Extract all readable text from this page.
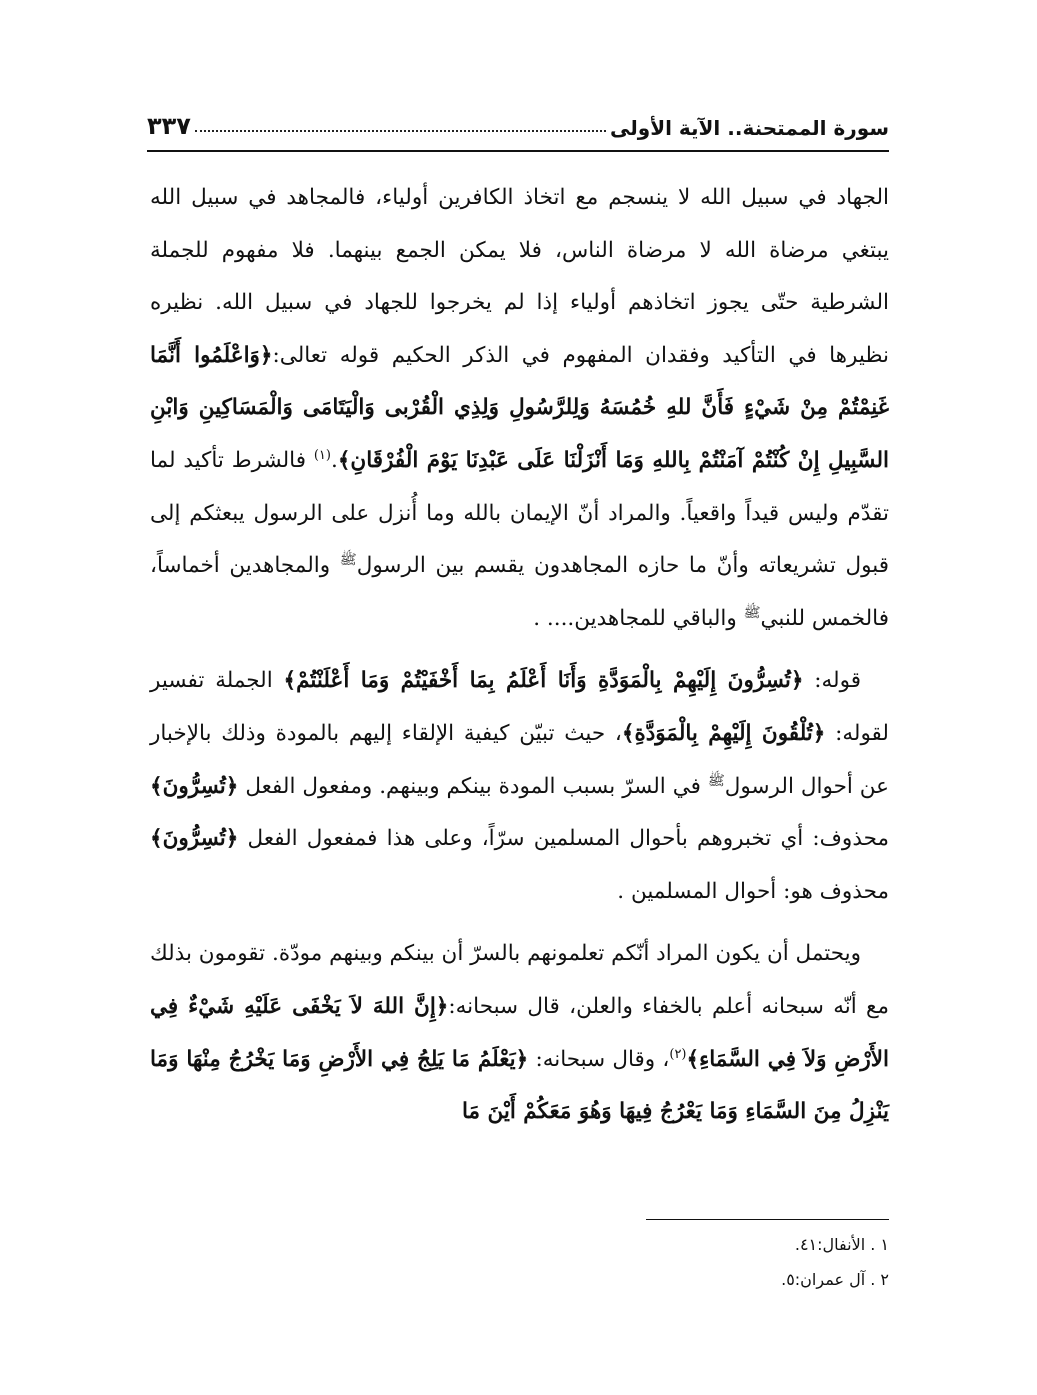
سورة الممتحنة.. الآية الأولى
٣٣٧

الجهاد في سبيل الله لا ينسجم مع اتخاذ الكافرين أولياء، فالمجاهد في سبيل الله يبتغي مرضاة الله لا مرضاة الناس، فلا يمكن الجمع بينهما. فلا مفهوم للجملة الشرطية حتّى يجوز اتخاذهم أولياء إذا لم يخرجوا للجهاد في سبيل الله. نظيره نظيرها في التأكيد وفقدان المفهوم في الذكر الحكيم قوله تعالى:﴿وَاعْلَمُوا أَنَّمَا غَنِمْتُمْ مِنْ شَيْءٍ فَأَنَّ للهِ خُمُسَهُ وَلِلرَّسُولِ وَلِذِي الْقُرْبى وَالْيَتَامَى وَالْمَسَاكِينِ وَابْنِ السَّبِيلِ إِنْ كُنْتُمْ آمَنْتُمْ بِاللهِ وَمَا أَنْزَلْنَا عَلَى عَبْدِنَا يَوْمَ الْفُرْقَانِ﴾.$^{(١)}$ فالشرط تأكيد لما تقدّم وليس قيداً واقعياً. والمراد أنّ الإيمان بالله وما أُنزل على الرسول يبعثكم إلى قبول تشريعاته وأنّ ما حازه المجاهدون يقسم بين الرسول$^ﷺ$ والمجاهدين أخماساً، فالخمس للنبي$^ﷺ$ والباقي للمجاهدين.... .

قوله: ﴿تُسِرُّونَ إِلَيْهِمْ بِالْمَوَدَّةِ وَأَنَا أَعْلَمُ بِمَا أَخْفَيْتُمْ وَمَا أَعْلَنْتُمْ﴾ الجملة تفسير لقوله: ﴿تُلْقُونَ إِلَيْهِمْ بِالْمَوَدَّةِ﴾، حيث تبيّن كيفية الإلقاء إليهم بالمودة وذلك بالإخبار عن أحوال الرسول$^ﷺ$ في السرّ بسبب المودة بينكم وبينهم. ومفعول الفعل ﴿تُسِرُّونَ﴾ محذوف: أي تخبروهم بأحوال المسلمين سرّاً، وعلى هذا فمفعول الفعل ﴿تُسِرُّونَ﴾ محذوف هو: أحوال المسلمين .

ويحتمل أن يكون المراد أنّكم تعلمونهم بالسرّ أن بينكم وبينهم مودّة. تقومون بذلك مع أنّه سبحانه أعلم بالخفاء والعلن، قال سبحانه:﴿إِنَّ اللهَ لاَ يَخْفَى عَلَيْهِ شَيْءٌ فِي الأَرْضِ وَلاَ فِي السَّمَاءِ﴾$^{(٢)}$، وقال سبحانه: ﴿يَعْلَمُ مَا يَلِجُ فِي الأَرْضِ وَمَا يَخْرُجُ مِنْهَا وَمَا يَنْزِلُ مِنَ السَّمَاءِ وَمَا يَعْرُجُ فِيهَا وَهُوَ مَعَكُمْ أَيْنَ مَا

١ . الأنفال:٤١.
٢ . آل عمران:٥.
